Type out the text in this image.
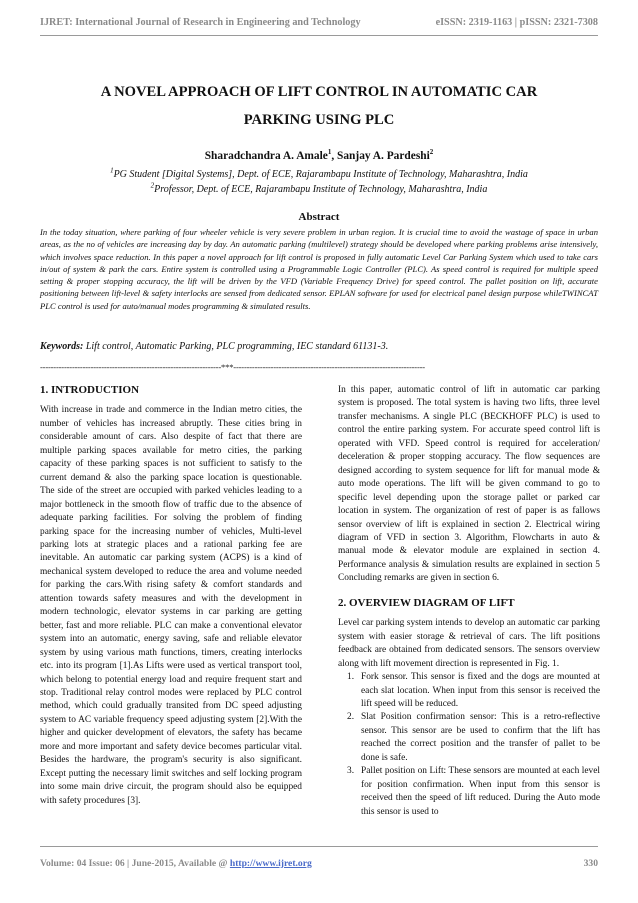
IJRET: International Journal of Research in Engineering and Technology	eISSN: 2319-1163 | pISSN: 2321-7308
A NOVEL APPROACH OF LIFT CONTROL IN AUTOMATIC CAR
PARKING USING PLC
Sharadchandra A. Amale$^1$, Sanjay A. Pardeshi$^2$
$^1$PG Student [Digital Systems], Dept. of ECE, Rajarambapu Institute of Technology, Maharashtra, India
$^2$Professor, Dept. of ECE, Rajarambapu Institute of Technology, Maharashtra, India
Abstract
In the today situation, where parking of four wheeler vehicle is very severe problem in urban region. It is crucial time to avoid the wastage of space in urban areas, as the no of vehicles are increasing day by day. An automatic parking (multilevel) strategy should be developed where parking problems arise intensively, which involves space reduction. In this paper a novel approach for lift control is proposed in fully automatic Level Car Parking System which used to take cars in/out of system & park the cars. Entire system is controlled using a Programmable Logic Controller (PLC). As speed control is required for multiple speed setting & proper stopping accuracy, the lift will be driven by the VFD (Variable Frequency Drive) for speed control. The pallet position on lift, accurate positioning between lift-level & safety interlocks are sensed from dedicated sensor. EPLAN software for used for electrical panel design purpose whileTWINCAT PLC control is used for auto/manual modes programming & simulated results.
Keywords: Lift control, Automatic Parking, PLC programming, IEC standard 61131-3.
--------------------------------------------------------------------***------------------------------------------------------------------------
1. INTRODUCTION

With increase in trade and commerce in the Indian metro cities, the number of vehicles has increased abruptly. These cities bring in considerable amount of cars. Also despite of fact that there are multiple parking spaces available for metro cities, the parking capacity of these parking spaces is not sufficient to satisfy to the current demand & also the parking space location is questionable. The side of the street are occupied with parked vehicles leading to a major bottleneck in the smooth flow of traffic due to the absence of adequate parking facilities. For solving the problem of finding parking space for the increasing number of vehicles, Multi-level parking lots at strategic places and a rational parking fee are inevitable. An automatic car parking system (ACPS) is a kind of mechanical system developed to reduce the area and volume needed for parking the cars.With rising safety & comfort standards and attention towards safety measures and with the development in modern technologic, elevator systems in car parking are getting better, fast and more reliable. PLC can make a conventional elevator system into an automatic, energy saving, safe and reliable elevator system by using various math functions, timers, creating interlocks etc. into its program [1].As Lifts were used as vertical transport tool, which belong to potential energy load and require frequent start and stop. Traditional relay control modes were replaced by PLC control method, which could gradually transited from DC speed adjusting system to AC variable frequency speed adjusting system [2].With the higher and quicker development of elevators, the safety has became more and more important and safety device becomes particular vital. Besides the hardware, the program's security is also significant. Except putting the necessary limit switches and self locking program into some main drive circuit, the program should also be equipped with safety procedures [3].

In this paper, automatic control of lift in automatic car parking system is proposed. The total system is having two lifts, three level transfer mechanisms. A single PLC (BECKHOFF PLC) is used to control the entire parking system. For accurate speed control lift is operated with VFD. Speed control is required for acceleration/ deceleration & proper stopping accuracy. The flow sequences are designed according to system sequence for lift for manual mode & auto mode operations. The lift will be given command to go to specific level depending upon the storage pallet or parked car location in system. The organization of rest of paper is as fallows sensor overview of lift is explained in section 2. Electrical wiring diagram of VFD in section 3. Algorithm, Flowcharts in auto & manual mode & elevator module are explained in section 4. Performance analysis & simulation results are explained in section 5 Concluding remarks are given in section 6.

2. OVERVIEW DIAGRAM OF LIFT

Level car parking system intends to develop an automatic car parking system with easier storage & retrieval of cars. The lift positions feedback are obtained from dedicated sensors. The sensors overview along with lift movement direction is represented in Fig. 1.

1. Fork sensor. This sensor is fixed and the dogs are mounted at each slat location. When input from this sensor is received the lift speed will be reduced.
2. Slat Position confirmation sensor: This is a retro-reflective sensor. This sensor are be used to confirm that the lift has reached the correct position and the transfer of pallet to be done is safe.
3. Pallet position on Lift: These sensors are mounted at each level for position confirmation. When input from this sensor is received then the speed of lift reduced. During the Auto mode this sensor is used to
Volume: 04 Issue: 06 | June-2015, Available @ http://www.ijret.org	330
